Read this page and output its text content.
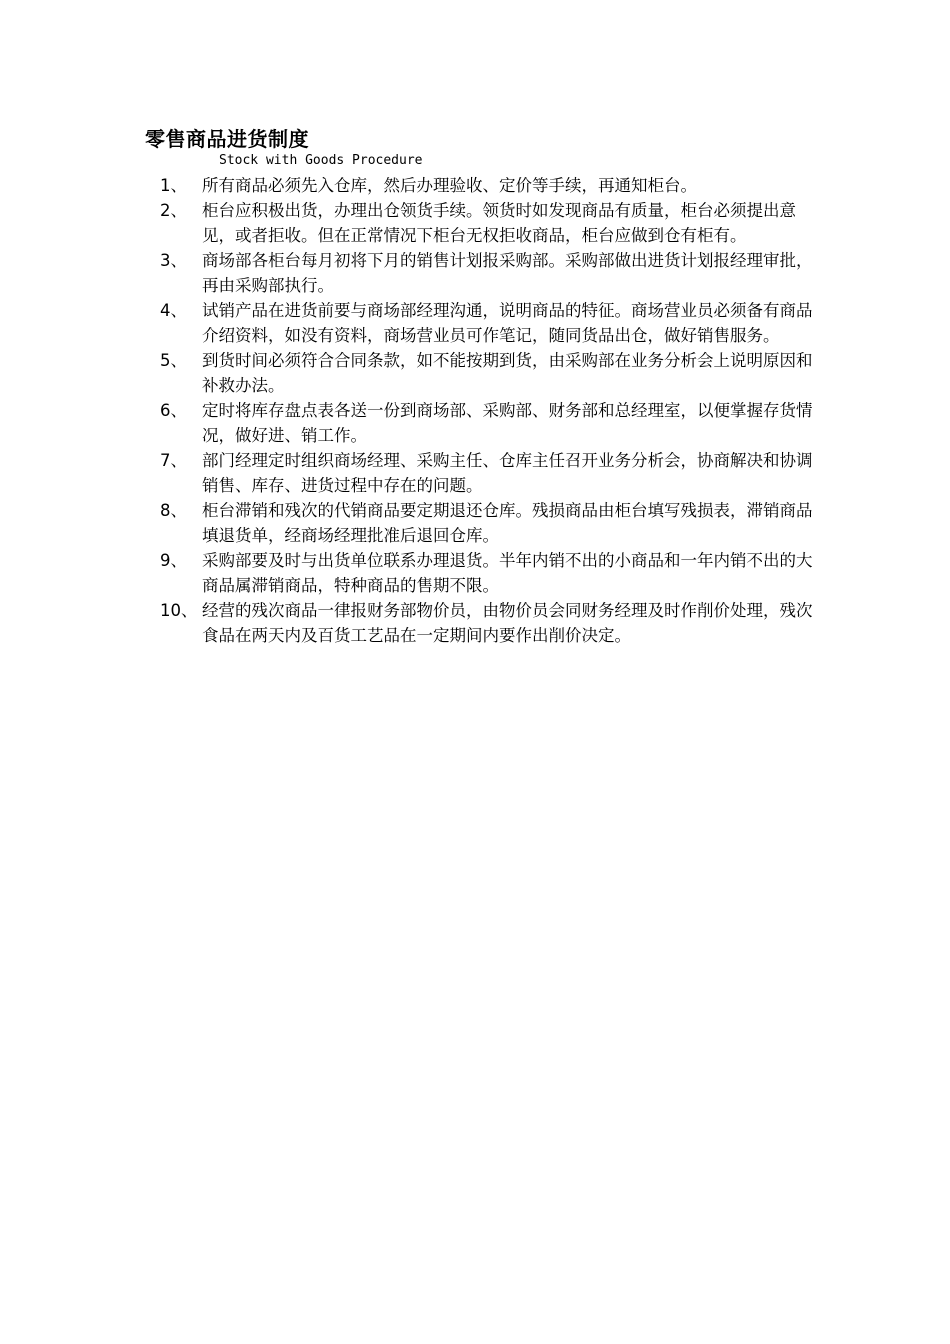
零售商品进货制度
Stock with Goods Procedure
1、 所有商品必须先入仓库，然后办理验收、定价等手续，再通知柜台。
2、 柜台应积极出货，办理出仓领货手续。领货时如发现商品有质量，柜台必须提出意见，或者拒收。但在正常情况下柜台无权拒收商品，柜台应做到仓有柜有。
3、 商场部各柜台每月初将下月的销售计划报采购部。采购部做出进货计划报经理审批，再由采购部执行。
4、 试销产品在进货前要与商场部经理沟通，说明商品的特征。商场营业员必须备有商品介绍资料，如没有资料，商场营业员可作笔记，随同货品出仓，做好销售服务。
5、 到货时间必须符合合同条款，如不能按期到货，由采购部在业务分析会上说明原因和补救办法。
6、 定时将库存盘点表各送一份到商场部、采购部、财务部和总经理室，以便掌握存货情况，做好进、销工作。
7、 部门经理定时组织商场经理、采购主任、仓库主任召开业务分析会，协商解决和协调销售、库存、进货过程中存在的问题。
8、 柜台滞销和残次的代销商品要定期退还仓库。残损商品由柜台填写残损表，滞销商品填退货单，经商场经理批准后退回仓库。
9、 采购部要及时与出货单位联系办理退货。半年内销不出的小商品和一年内销不出的大商品属滞销商品，特种商品的售期不限。
10、 经营的残次商品一律报财务部物价员，由物价员会同财务经理及时作削价处理，残次食品在两天内及百货工艺品在一定期间内要作出削价决定。
